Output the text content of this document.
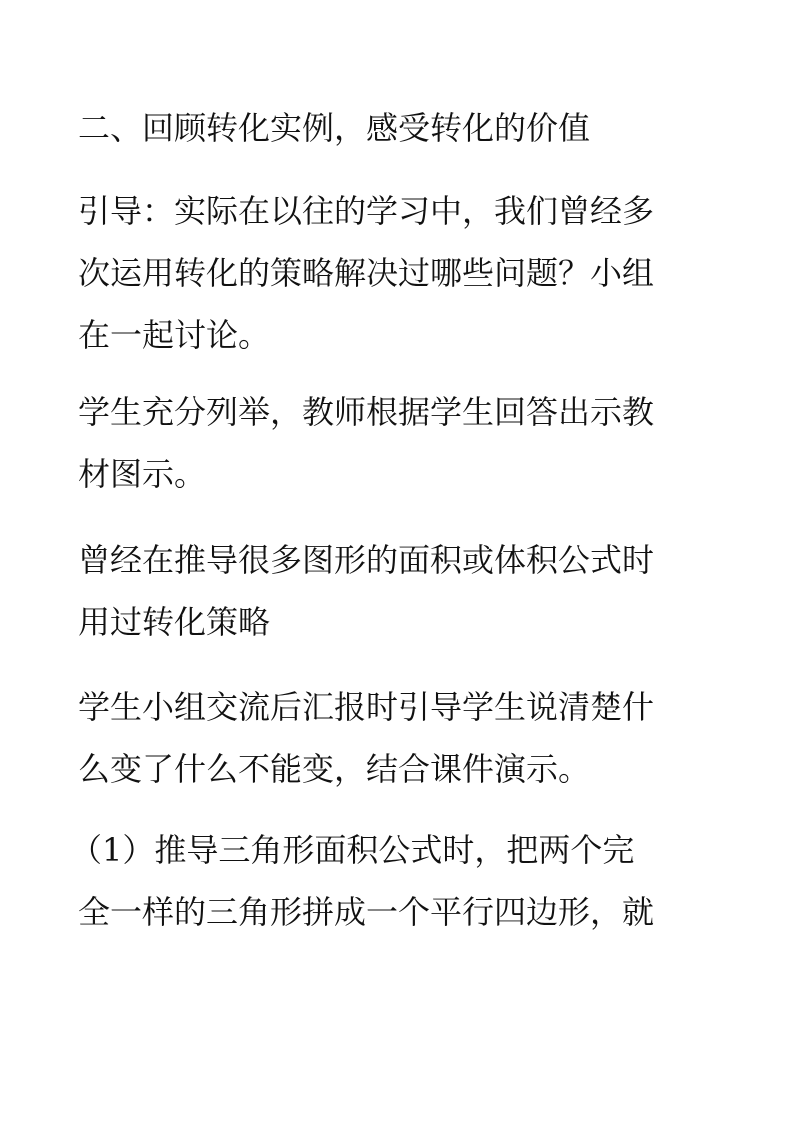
二、回顾转化实例，感受转化的价值

引导：实际在以往的学习中，我们曾经多
次运用转化的策略解决过哪些问题？小组
在一起讨论。

学生充分列举，教师根据学生回答出示教
材图示。

曾经在推导很多图形的面积或体积公式时
用过转化策略

学生小组交流后汇报时引导学生说清楚什
么变了什么不能变，结合课件演示。

（1）推导三角形面积公式时，把两个完
全一样的三角形拼成一个平行四边形，就
